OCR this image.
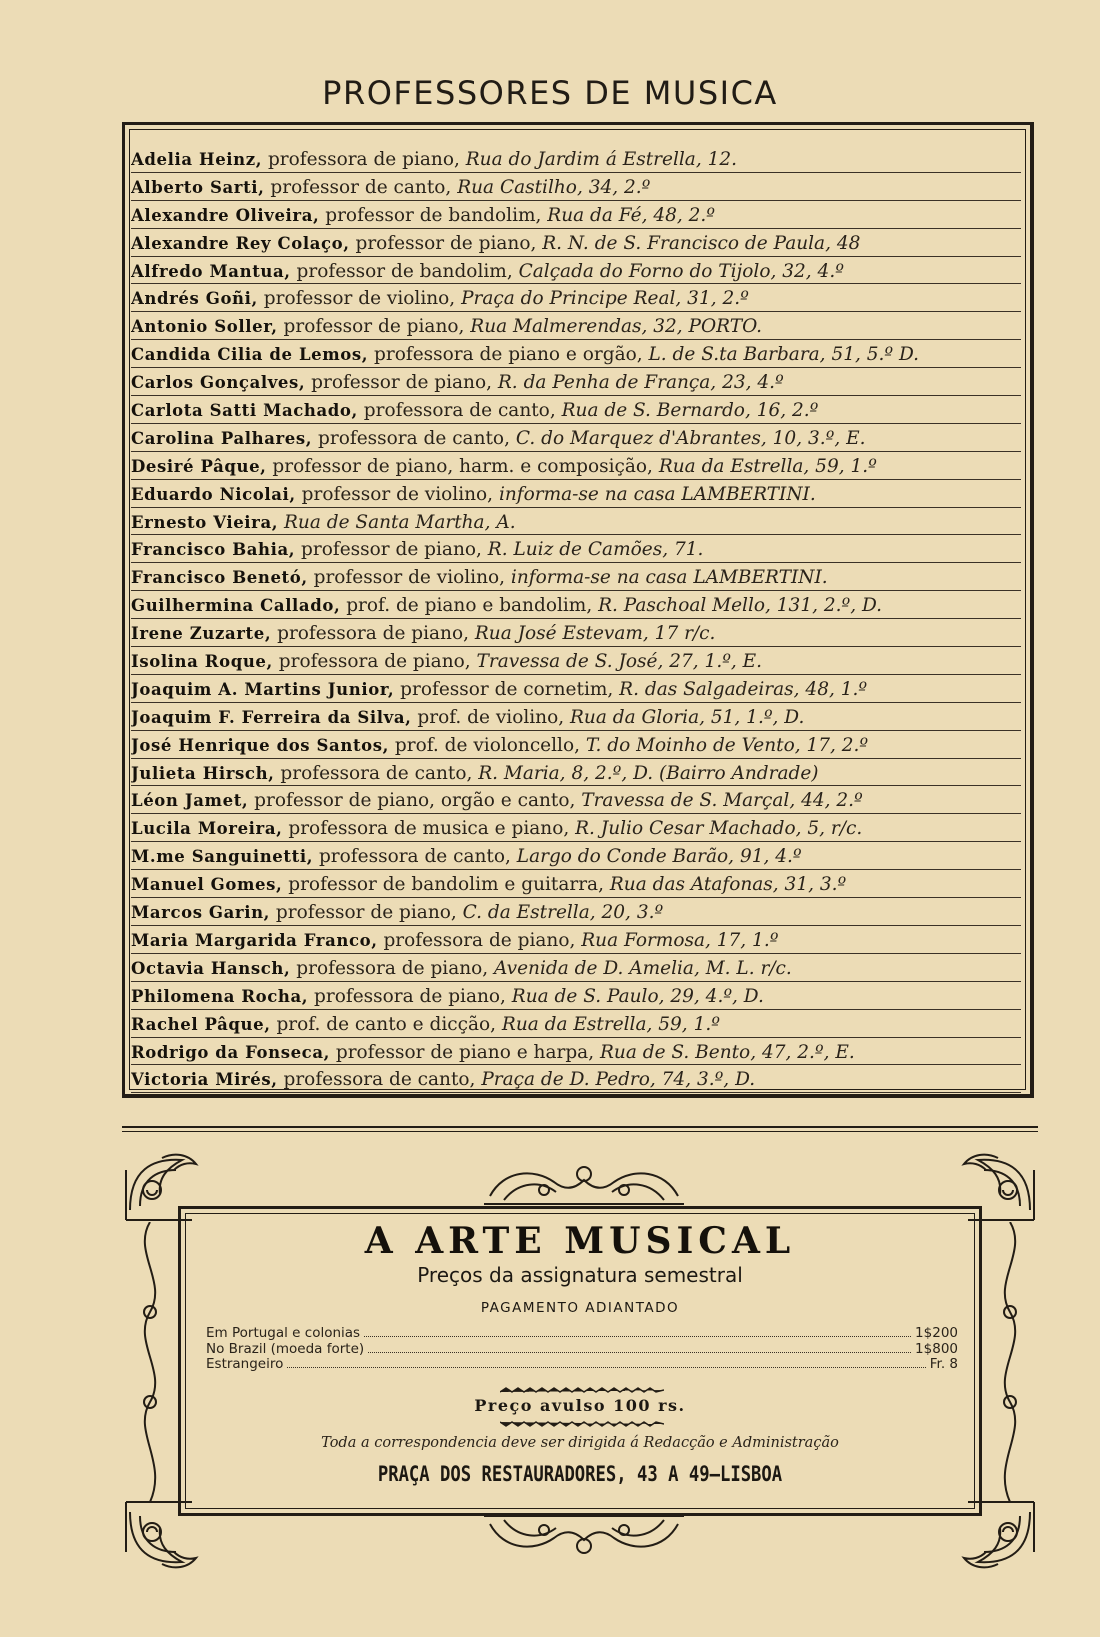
PROFESSORES DE MUSICA
Adelia Heinz, professora de piano, Rua do Jardim á Estrella, 12.
Alberto Sarti, professor de canto, Rua Castilho, 34, 2.º
Alexandre Oliveira, professor de bandolim, Rua da Fé, 48, 2.º
Alexandre Rey Colaço, professor de piano, R. N. de S. Francisco de Paula, 48
Alfredo Mantua, professor de bandolim, Calçada do Forno do Tijolo, 32, 4.º
Andrés Goñi, professor de violino, Praça do Principe Real, 31, 2.º
Antonio Soller, professor de piano, Rua Malmerendas, 32, PORTO.
Candida Cilia de Lemos, professora de piano e orgão, L. de S.ta Barbara, 51, 5.º D.
Carlos Gonçalves, professor de piano, R. da Penha de França, 23, 4.º
Carlota Satti Machado, professora de canto, Rua de S. Bernardo, 16, 2.º
Carolina Palhares, professora de canto, C. do Marquez d'Abrantes, 10, 3.º, E.
Desiré Pâque, professor de piano, harm. e composição, Rua da Estrella, 59, 1.º
Eduardo Nicolai, professor de violino, informa-se na casa LAMBERTINI.
Ernesto Vieira, Rua de Santa Martha, A.
Francisco Bahia, professor de piano, R. Luiz de Camões, 71.
Francisco Benetó, professor de violino, informa-se na casa LAMBERTINI.
Guilhermina Callado, prof. de piano e bandolim, R. Paschoal Mello, 131, 2.º, D.
Irene Zuzarte, professora de piano, Rua José Estevam, 17 r/c.
Isolina Roque, professora de piano, Travessa de S. José, 27, 1.º, E.
Joaquim A. Martins Junior, professor de cornetim, R. das Salgadeiras, 48, 1.º
Joaquim F. Ferreira da Silva, prof. de violino, Rua da Gloria, 51, 1.º, D.
José Henrique dos Santos, prof. de violoncello, T. do Moinho de Vento, 17, 2.º
Julieta Hirsch, professora de canto, R. Maria, 8, 2.º, D. (Bairro Andrade)
Léon Jamet, professor de piano, orgão e canto, Travessa de S. Marçal, 44, 2.º
Lucila Moreira, professora de musica e piano, R. Julio Cesar Machado, 5, r/c.
M.me Sanguinetti, professora de canto, Largo do Conde Barão, 91, 4.º
Manuel Gomes, professor de bandolim e guitarra, Rua das Atafonas, 31, 3.º
Marcos Garin, professor de piano, C. da Estrella, 20, 3.º
Maria Margarida Franco, professora de piano, Rua Formosa, 17, 1.º
Octavia Hansch, professora de piano, Avenida de D. Amelia, M. L. r/c.
Philomena Rocha, professora de piano, Rua de S. Paulo, 29, 4.º, D.
Rachel Pâque, prof. de canto e dicção, Rua da Estrella, 59, 1.º
Rodrigo da Fonseca, professor de piano e harpa, Rua de S. Bento, 47, 2.º, E.
Victoria Mirés, professora de canto, Praça de D. Pedro, 74, 3.º, D.
A ARTE MUSICAL
Preços da assignatura semestral
PAGAMENTO ADIANTADO
Em Portugal e colonias	1$200
No Brazil (moeda forte)	1$800
Estrangeiro	Fr. 8
Preço avulso 100 rs.
Toda a correspondencia deve ser dirigida á Redacção e Administração
PRAÇA DOS RESTAURADORES, 43 A 49—LISBOA
